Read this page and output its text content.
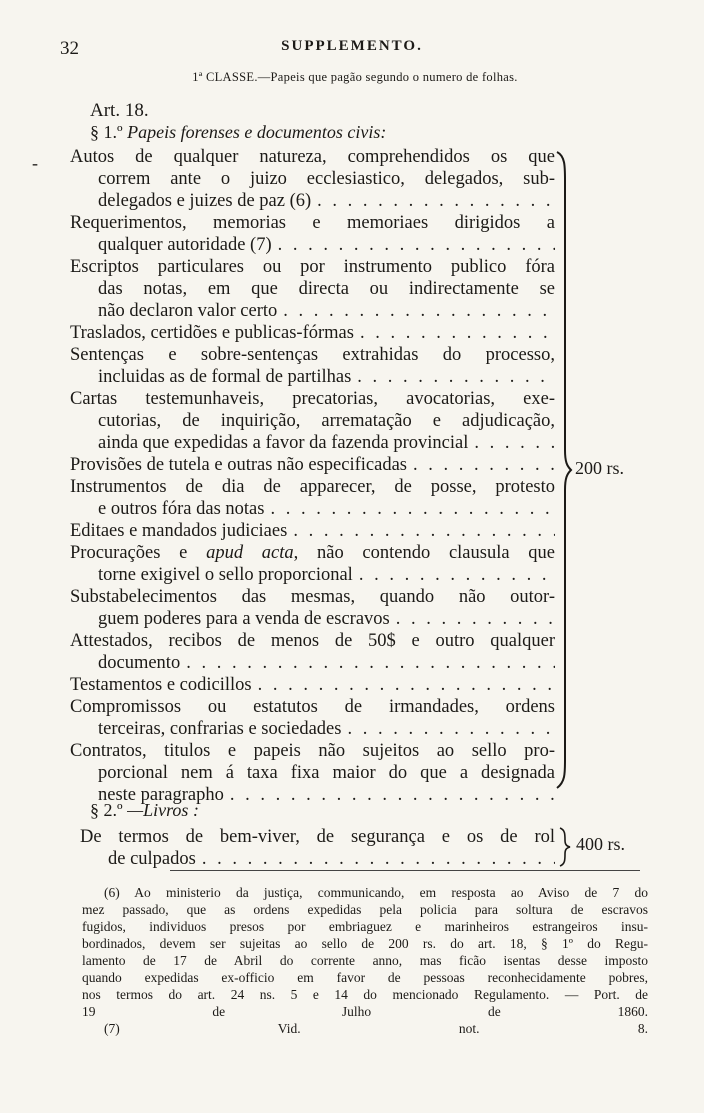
32	SUPPLEMENTO.
1ª CLASSE.—Papeis que pagão segundo o numero de folhas.
Art. 18.
§ 1.º Papeis forenses e documentos civis:
- Autos de qualquer natureza, comprehendidos os que
correm ante o juizo ecclesiastico, delegados, sub-
delegados e juizes de paz (6)
. . .
Requerimentos, memorias e memoriaes dirigidos a
qualquer autoridade (7)
. . .
Escriptos particulares ou por instrumento publico fóra
das notas, em que directa ou indirectamente se
não declaron valor certo
. . .
Traslados, certidões e publicas-fórmas
. . .
Sentenças e sobre-sentenças extrahidas do processo,
incluidas as de formal de partilhas
. . .
Cartas testemunhaveis, precatorias, avocatorias, exe-
cutorias, de inquirição, arrematação e adjudicação,
ainda que expedidas a favor da fazenda provincial
. . .
Provisões de tutela e outras não especificadas
. . .
Instrumentos de dia de apparecer, de posse, protesto
e outros fóra das notas
. . .
Editaes e mandados judiciaes
. . .
Procurações e apud acta, não contendo clausula que
torne exigivel o sello proporcional
. . .
Substabelecimentos das mesmas, quando não outor-
guem poderes para a venda de escravos
. . .
Attestados, recibos de menos de 50$ e outro qualquer
documento
. . .
Testamentos e codicillos
. . .
Compromissos ou estatutos de irmandades, ordens
terceiras, confrarias e sociedades
. . .
Contratos, titulos e papeis não sujeitos ao sello pro-
porcional nem á taxa fixa maior do que a designada
neste paragrapho
. . .
200 rs.
§ 2.º —Livros :
De termos de bem-viver, de segurança e os de rol
de culpados
. . .
400 rs.
(6) Ao ministerio da justiça, communicando, em resposta ao Aviso de 7 do
mez passado, que as ordens expedidas pela policia para soltura de escravos
fugidos, individuos presos por embriaguez e marinheiros estrangeiros insu-
bordinados, devem ser sujeitas ao sello de 200 rs. do art. 18, § 1º do Regu-
lamento de 17 de Abril do corrente anno, mas ficão isentas desse imposto
quando expedidas ex-officio em favor de pessoas reconhecidamente pobres,
nos termos do art. 24 ns. 5 e 14 do mencionado Regulamento. — Port. de
19 de Julho de 1860.
(7) Vid. not. 8.
